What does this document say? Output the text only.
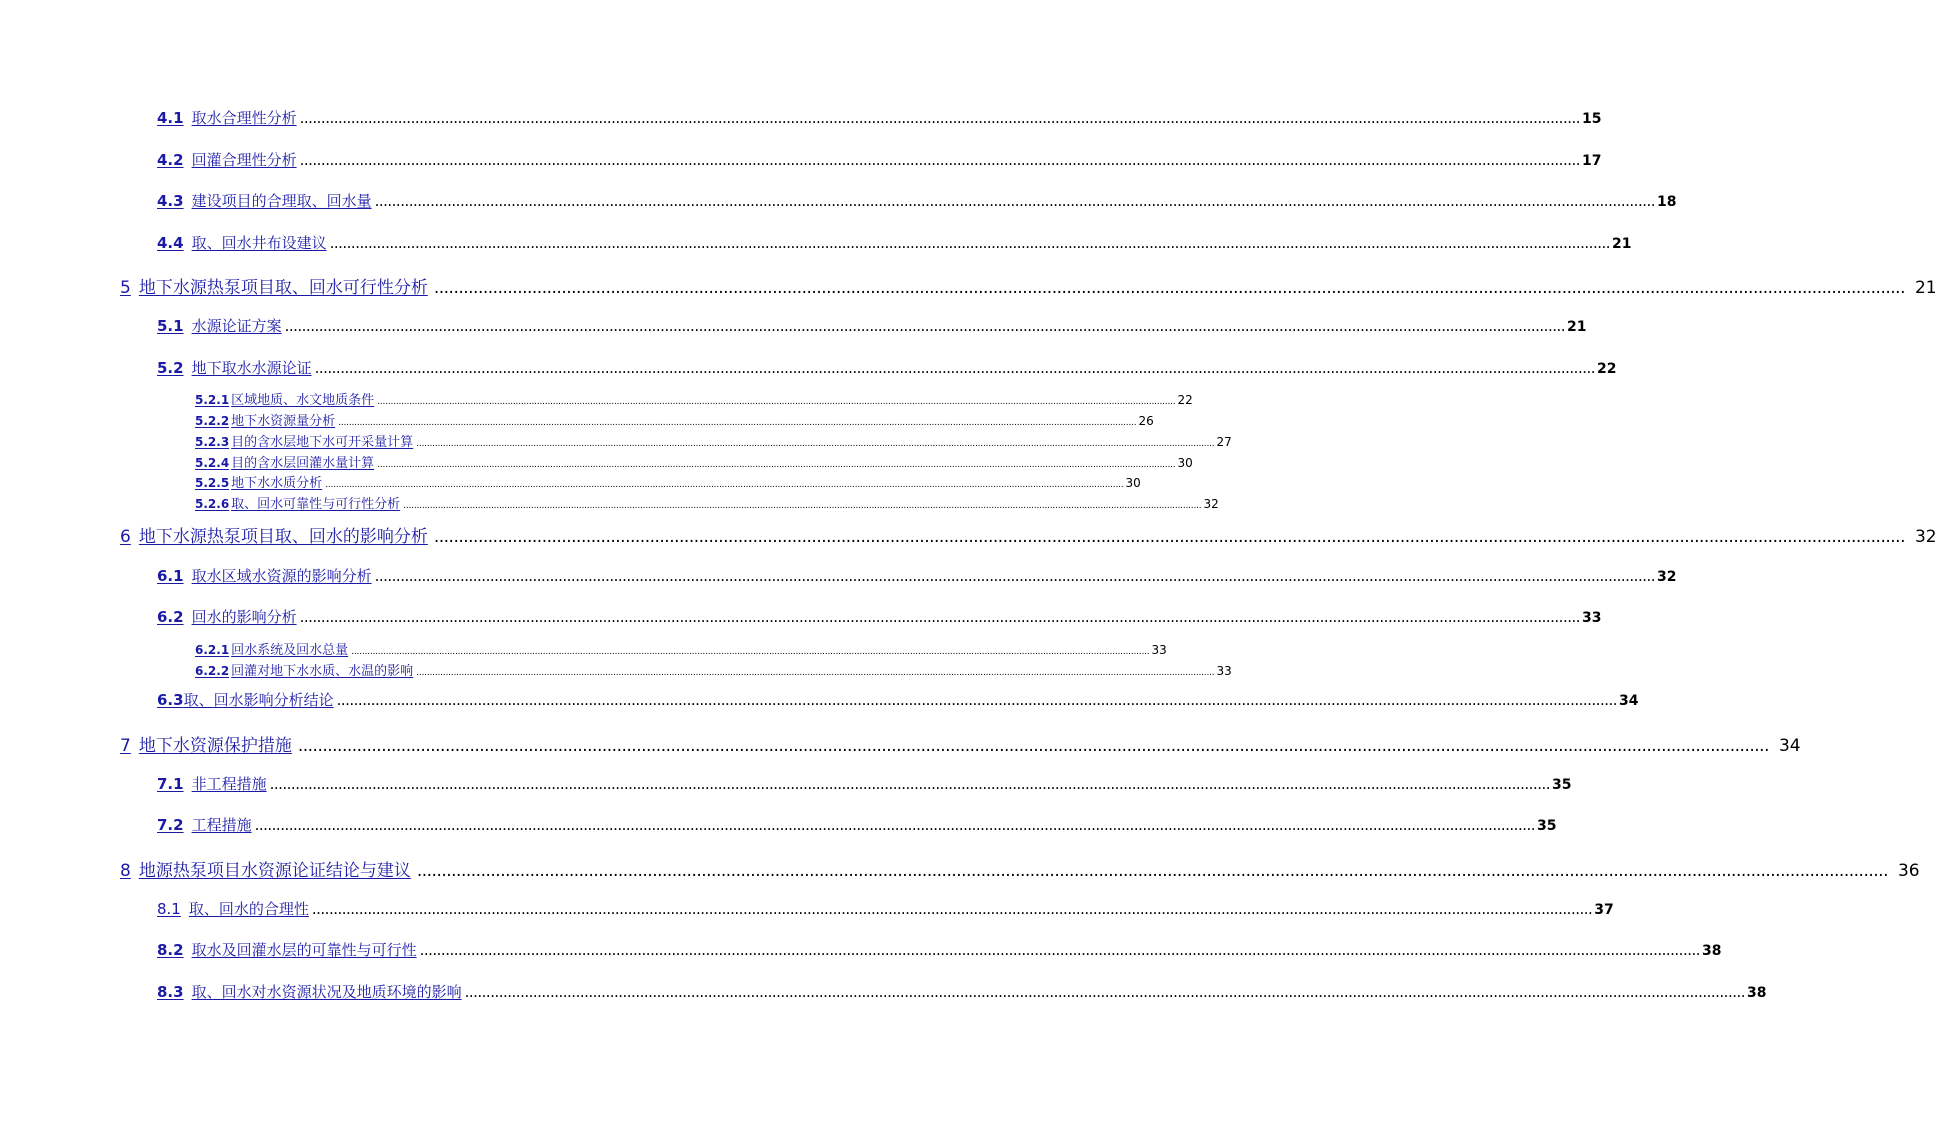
4.1 取水合理性分析 ............................................................................................................................................................................................................................................................................................................ 15
4.2 回灌合理性分析 ............................................................................................................................................................................................................................................................................................................ 17
4.3 建设项目的合理取、回水量 ............................................................................................................................................................................................................................................................................................................ 18
4.4 取、回水井布设建议 ............................................................................................................................................................................................................................................................................................................ 21
5 地下水源热泵项目取、回水可行性分析 ............................................................................................................................................................................................................................................................................................................ 21
5.1 水源论证方案 ............................................................................................................................................................................................................................................................................................................ 21
5.2 地下取水水源论证 ............................................................................................................................................................................................................................................................................................................ 22
5.2.1 区域地质、水文地质条件 ............................................................................................................................................................................................................................................................................................................ 22
5.2.2 地下水资源量分析 ............................................................................................................................................................................................................................................................................................................ 26
5.2.3 目的含水层地下水可开采量计算 ............................................................................................................................................................................................................................................................................................................ 27
5.2.4 目的含水层回灌水量计算 ............................................................................................................................................................................................................................................................................................................ 30
5.2.5 地下水水质分析 ............................................................................................................................................................................................................................................................................................................ 30
5.2.6 取、回水可靠性与可行性分析 ............................................................................................................................................................................................................................................................................................................ 32
6 地下水源热泵项目取、回水的影响分析 ............................................................................................................................................................................................................................................................................................................ 32
6.1 取水区域水资源的影响分析 ............................................................................................................................................................................................................................................................................................................ 32
6.2 回水的影响分析 ............................................................................................................................................................................................................................................................................................................ 33
6.2.1 回水系统及回水总量 ............................................................................................................................................................................................................................................................................................................ 33
6.2.2 回灌对地下水水质、水温的影响 ............................................................................................................................................................................................................................................................................................................ 33
6.3取、回水影响分析结论 ............................................................................................................................................................................................................................................................................................................ 34
7 地下水资源保护措施 ............................................................................................................................................................................................................................................................................................................ 34
7.1 非工程措施 ............................................................................................................................................................................................................................................................................................................ 35
7.2 工程措施 ............................................................................................................................................................................................................................................................................................................ 35
8 地源热泵项目水资源论证结论与建议 ............................................................................................................................................................................................................................................................................................................ 36
8.1 取、回水的合理性 ............................................................................................................................................................................................................................................................................................................ 37
8.2 取水及回灌水层的可靠性与可行性 ............................................................................................................................................................................................................................................................................................................ 38
8.3 取、回水对水资源状况及地质环境的影响 ............................................................................................................................................................................................................................................................................................................ 38
